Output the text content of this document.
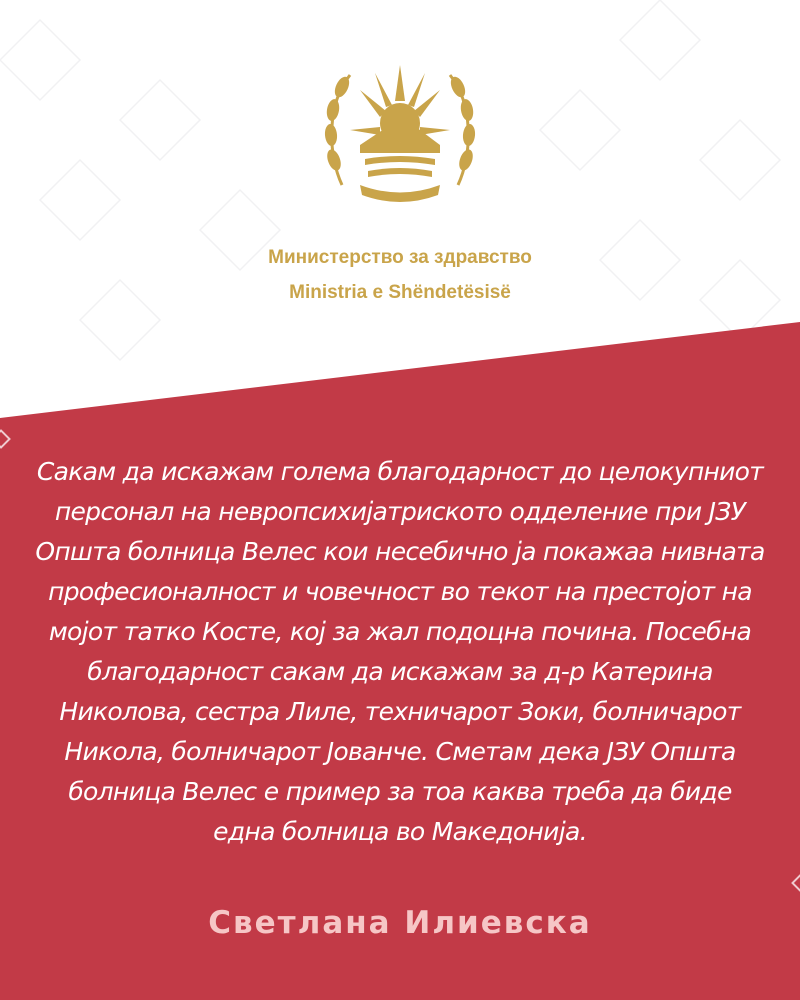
Министерство за здравство
Ministria e Shëndetësisë
Сакам да искажам голема благодарност до целокупниот
персонал на невропсихијатриското одделение при ЈЗУ
Општа болница Велес кои несебично ја покажаа нивната
професионалност и човечност во текот на престојот на
мојот татко Косте, кој за жал подоцна почина. Посебна
благодарност сакам да искажам за д-р Катерина
Николова, сестра Лиле, техничарот Зоки, болничарот
Никола, болничарот Јованче. Сметам дека ЈЗУ Општа
болница Велес е пример за тоа каква треба да биде
една болница во Македонија.
Светлана Илиевска
